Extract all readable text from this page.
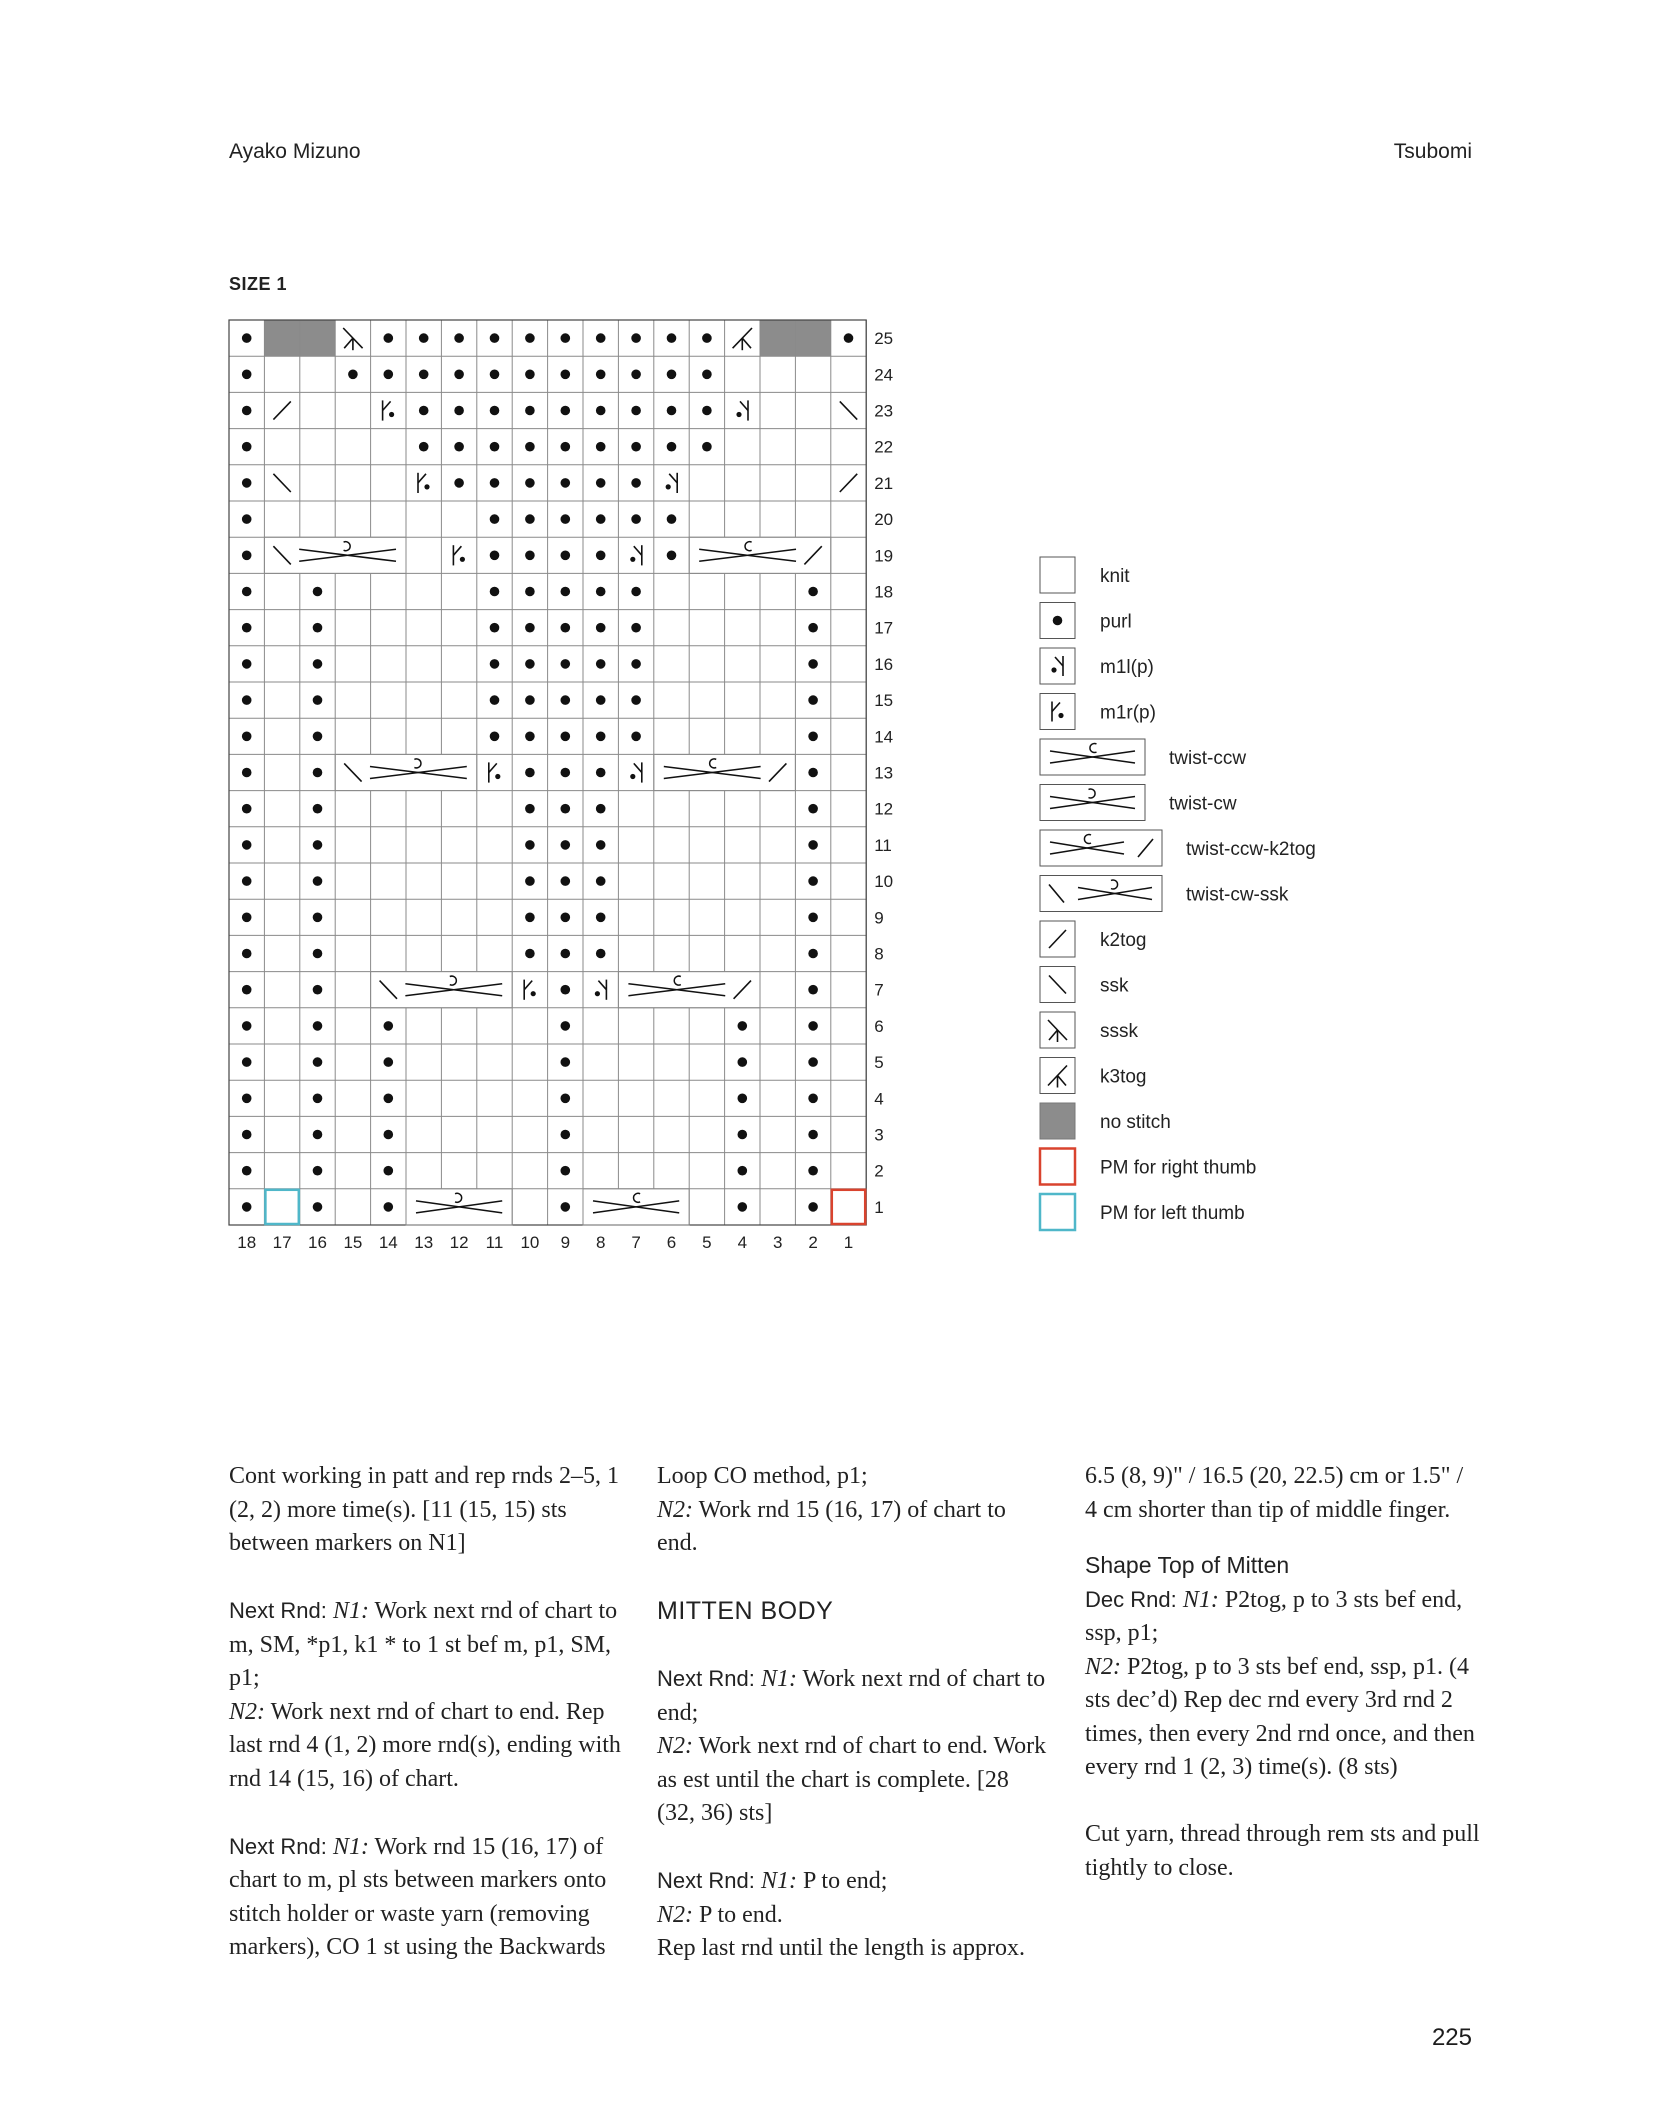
Ayako Mizuno	Tsubomi
SIZE 1
1
2
3
4
5
6
7
8
9
10
11
12
13
14
15
16
17
18
19
20
21
22
23
24
25
18 17 16 15 14 13 12 11 10 9 8 7 6 5 4 3 2 1
knit
purl
m1l(p)
m1r(p)
twist-ccw
twist-cw
twist-ccw-k2tog
twist-cw-ssk
k2tog
ssk
sssk
k3tog
no stitch
PM for right thumb
PM for left thumb

Cont working in patt and rep rnds 2–5, 1 (2, 2) more time(s). [11 (15, 15) sts between markers on N1]

Next Rnd: N1: Work next rnd of chart to m, SM, *p1, k1 * to 1 st bef m, p1, SM, p1;
N2: Work next rnd of chart to end. Rep last rnd 4 (1, 2) more rnd(s), ending with rnd 14 (15, 16) of chart.

Next Rnd: N1: Work rnd 15 (16, 17) of chart to m, pl sts between markers onto stitch holder or waste yarn (removing markers), CO 1 st using the Backwards

Loop CO method, p1;
N2: Work rnd 15 (16, 17) of chart to end.

MITTEN BODY

Next Rnd: N1: Work next rnd of chart to end;
N2: Work next rnd of chart to end. Work as est until the chart is complete. [28 (32, 36) sts]

Next Rnd: N1: P to end;
N2: P to end.
Rep last rnd until the length is approx.

6.5 (8, 9)" / 16.5 (20, 22.5) cm or 1.5" / 4 cm shorter than tip of middle finger.

Shape Top of Mitten

Dec Rnd: N1: P2tog, p to 3 sts bef end, ssp, p1;
N2: P2tog, p to 3 sts bef end, ssp, p1. (4 sts dec’d) Rep dec rnd every 3rd rnd 2 times, then every 2nd rnd once, and then every rnd 1 (2, 3) time(s). (8 sts)

Cut yarn, thread through rem sts and pull tightly to close.

225
